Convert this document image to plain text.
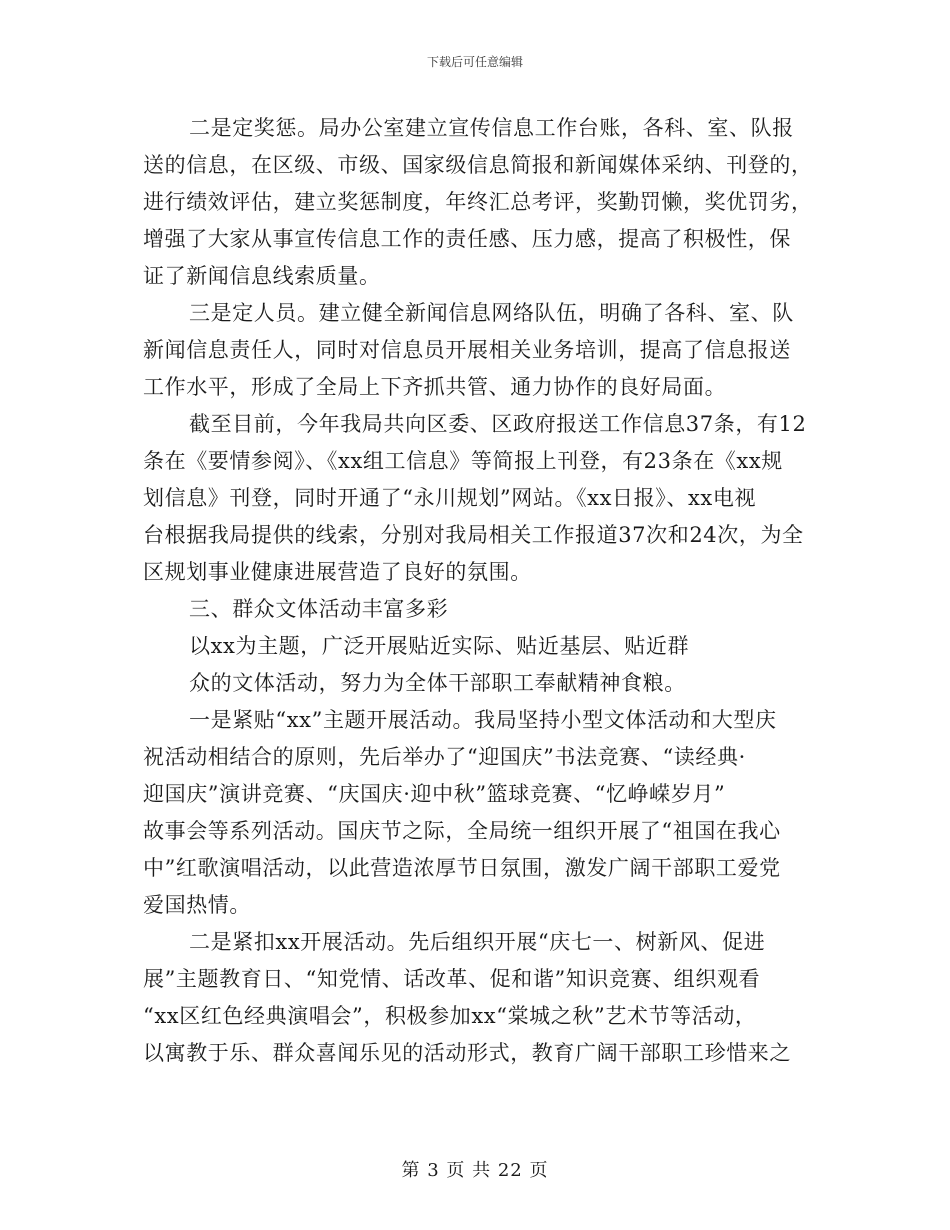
下载后可任意编辑
二是定奖惩。局办公室建立宣传信息工作台账，各科、室、队报
送的信息，在区级、市级、国家级信息简报和新闻媒体采纳、刊登的，
进行绩效评估，建立奖惩制度，年终汇总考评，奖勤罚懒，奖优罚劣，
增强了大家从事宣传信息工作的责任感、压力感，提高了积极性，保
证了新闻信息线索质量。
三是定人员。建立健全新闻信息网络队伍，明确了各科、室、队
新闻信息责任人，同时对信息员开展相关业务培训，提高了信息报送
工作水平，形成了全局上下齐抓共管、通力协作的良好局面。
截至目前，今年我局共向区委、区政府报送工作信息37条，有12
条在《要情参阅》、《xx组工信息》等简报上刊登，有23条在《xx规
划信息》刊登，同时开通了“永川规划”网站。《xx日报》、xx电视
台根据我局提供的线索，分别对我局相关工作报道37次和24次，为全
区规划事业健康进展营造了良好的氛围。
三、群众文体活动丰富多彩
以xx为主题，广泛开展贴近实际、贴近基层、贴近群
众的文体活动，努力为全体干部职工奉献精神食粮。
一是紧贴“xx”主题开展活动。我局坚持小型文体活动和大型庆
祝活动相结合的原则，先后举办了“迎国庆”书法竞赛、“读经典·
迎国庆”演讲竞赛、“庆国庆·迎中秋”篮球竞赛、“忆峥嵘岁月”
故事会等系列活动。国庆节之际，全局统一组织开展了“祖国在我心
中”红歌演唱活动，以此营造浓厚节日氛围，激发广阔干部职工爱党
爱国热情。
二是紧扣xx开展活动。先后组织开展“庆七一、树新风、促进
展”主题教育日、“知党情、话改革、促和谐”知识竞赛、组织观看
“xx区红色经典演唱会”，积极参加xx“棠城之秋”艺术节等活动，
以寓教于乐、群众喜闻乐见的活动形式，教育广阔干部职工珍惜来之
第 3 页 共 22 页
